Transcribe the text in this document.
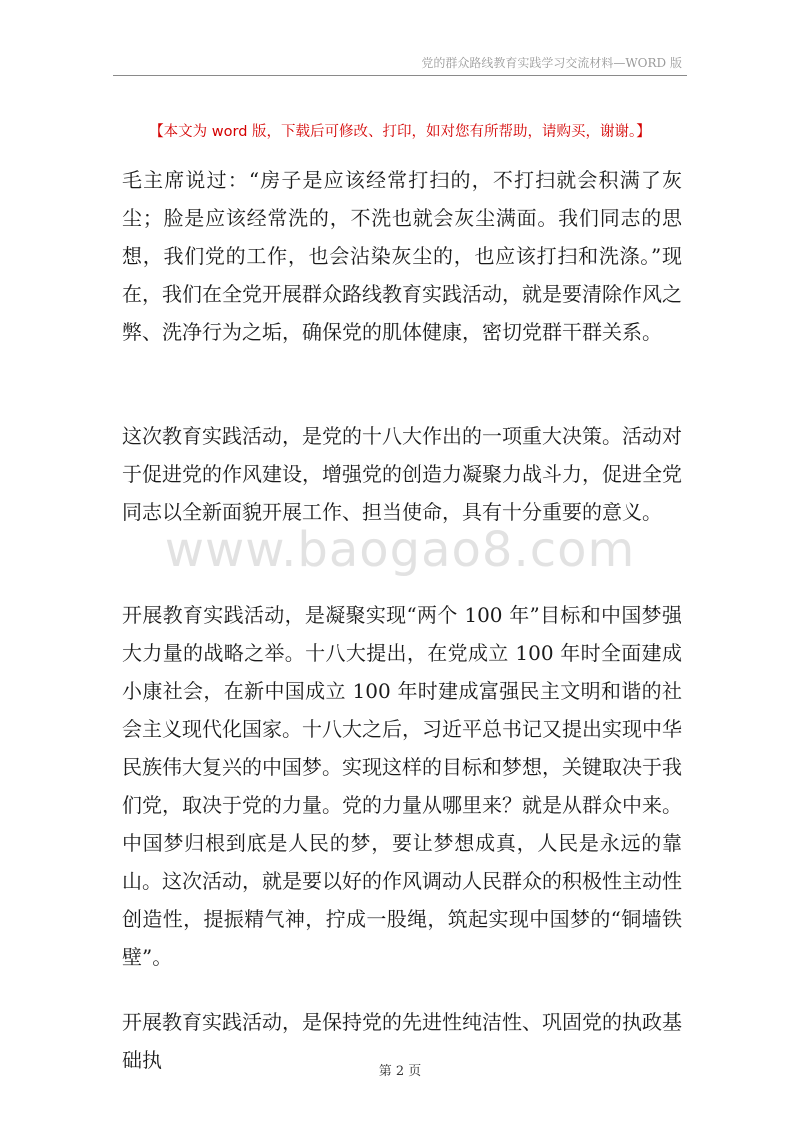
党的群众路线教育实践学习交流材料—WORD 版
【本文为 word 版，下载后可修改、打印，如对您有所帮助，请购买，谢谢。】

毛主席说过：“房子是应该经常打扫的，不打扫就会积满了灰尘；脸是应该经常洗的，不洗也就会灰尘满面。我们同志的思想，我们党的工作，也会沾染灰尘的，也应该打扫和洗涤。”现在，我们在全党开展群众路线教育实践活动，就是要清除作风之弊、洗净行为之垢，确保党的肌体健康，密切党群干群关系。

这次教育实践活动，是党的十八大作出的一项重大决策。活动对于促进党的作风建设，增强党的创造力凝聚力战斗力，促进全党同志以全新面貌开展工作、担当使命，具有十分重要的意义。

www.baogao8.com

开展教育实践活动，是凝聚实现“两个 100 年”目标和中国梦强大力量的战略之举。十八大提出，在党成立 100 年时全面建成小康社会，在新中国成立 100 年时建成富强民主文明和谐的社会主义现代化国家。十八大之后，习近平总书记又提出实现中华民族伟大复兴的中国梦。实现这样的目标和梦想，关键取决于我们党，取决于党的力量。党的力量从哪里来？就是从群众中来。中国梦归根到底是人民的梦，要让梦想成真，人民是永远的靠山。这次活动，就是要以好的作风调动人民群众的积极性主动性创造性，提振精气神，拧成一股绳，筑起实现中国梦的“铜墙铁壁”。

开展教育实践活动，是保持党的先进性纯洁性、巩固党的执政基础执	第 2 页
